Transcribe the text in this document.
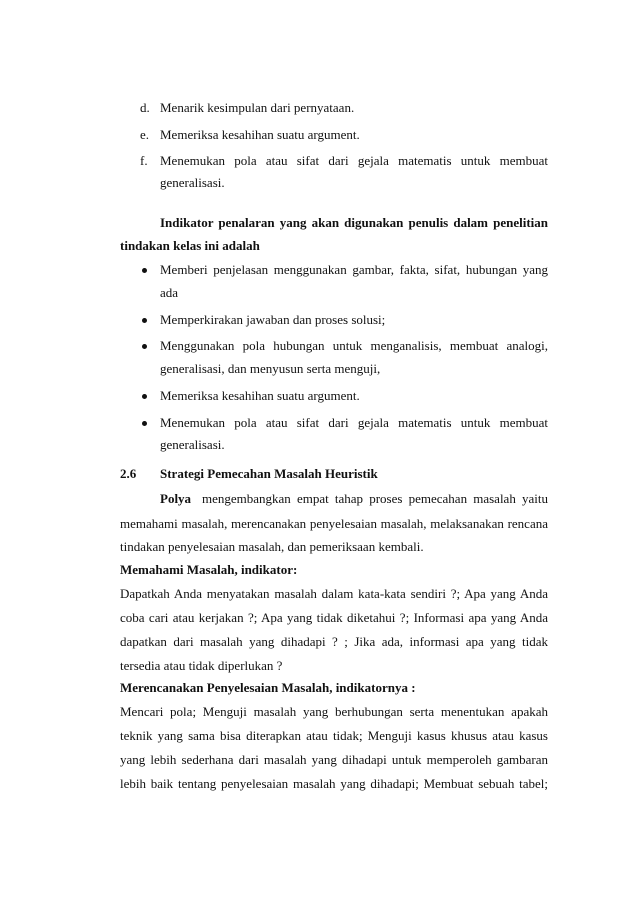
d. Menarik kesimpulan dari pernyataan.
e. Memeriksa kesahihan suatu argument.
f. Menemukan pola atau sifat dari gejala matematis untuk membuat
generalisasi.
Indikator penalaran yang akan digunakan penulis dalam penelitian
tindakan kelas ini adalah
Memberi penjelasan menggunakan gambar, fakta, sifat, hubungan yang
ada
Memperkirakan jawaban dan proses solusi;
Menggunakan pola hubungan untuk menganalisis, membuat analogi,
generalisasi, dan menyusun serta menguji,
Memeriksa kesahihan suatu argument.
Menemukan pola atau sifat dari gejala matematis untuk membuat
generalisasi.
2.6 Strategi Pemecahan Masalah Heuristik
Polya mengembangkan empat tahap proses pemecahan masalah yaitu
memahami masalah, merencanakan penyelesaian masalah, melaksanakan rencana
tindakan penyelesaian masalah, dan pemeriksaan kembali.
Memahami Masalah, indikator:
Dapatkah Anda menyatakan masalah dalam kata-kata sendiri ?; Apa yang Anda
coba cari atau kerjakan ?; Apa yang tidak diketahui ?; Informasi apa yang Anda
dapatkan dari masalah yang dihadapi ? ; Jika ada, informasi apa yang tidak
tersedia atau tidak diperlukan ?
Merencanakan Penyelesaian Masalah, indikatornya :
Mencari pola; Menguji masalah yang berhubungan serta menentukan apakah
teknik yang sama bisa diterapkan atau tidak; Menguji kasus khusus atau kasus
yang lebih sederhana dari masalah yang dihadapi untuk memperoleh gambaran
lebih baik tentang penyelesaian masalah yang dihadapi; Membuat sebuah tabel;
